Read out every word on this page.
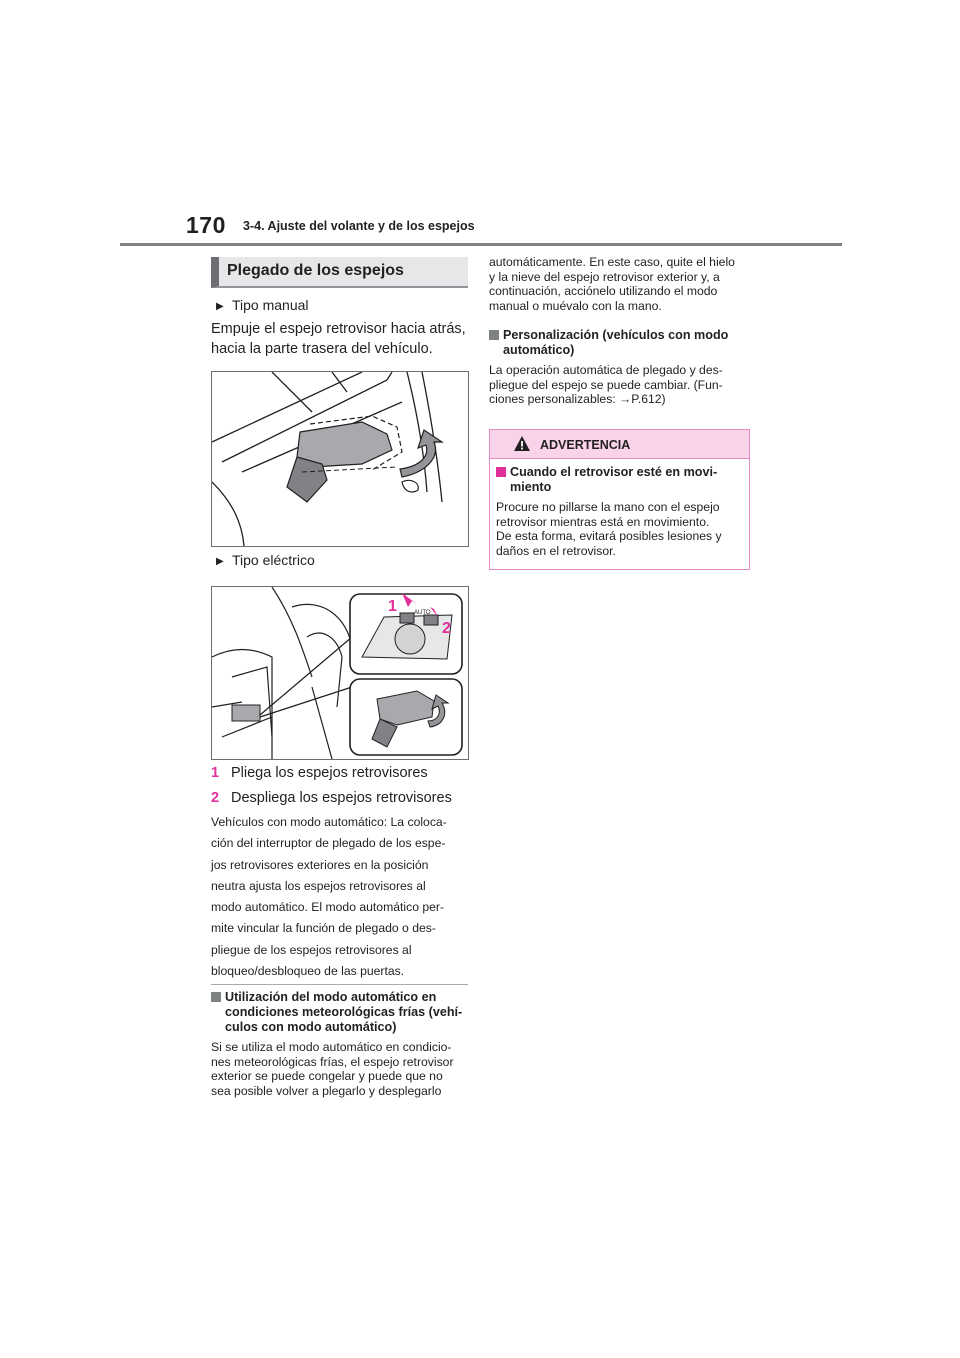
170 3-4. Ajuste del volante y de los espejos
Plegado de los espejos
▶ Tipo manual
Empuje el espejo retrovisor hacia atrás,
hacia la parte trasera del vehículo.
▶ Tipo eléctrico
AUTO
1
2
1 Pliega los espejos retrovisores
2 Despliega los espejos retrovisores
Vehículos con modo automático: La coloca-
ción del interruptor de plegado de los espe-
jos retrovisores exteriores en la posición
neutra ajusta los espejos retrovisores al
modo automático. El modo automático per-
mite vincular la función de plegado o des-
pliegue de los espejos retrovisores al
bloqueo/desbloqueo de las puertas.
Utilización del modo automático en
condiciones meteorológicas frías (vehí-
culos con modo automático)
Si se utiliza el modo automático en condicio-
nes meteorológicas frías, el espejo retrovisor
exterior se puede congelar y puede que no
sea posible volver a plegarlo y desplegarlo
automáticamente. En este caso, quite el hielo
y la nieve del espejo retrovisor exterior y, a
continuación, acciónelo utilizando el modo
manual o muévalo con la mano.
Personalización (vehículos con modo
automático)
La operación automática de plegado y des-
pliegue del espejo se puede cambiar. (Fun-
ciones personalizables: →P.612)
ADVERTENCIA
Cuando el retrovisor esté en movi-
miento
Procure no pillarse la mano con el espejo
retrovisor mientras está en movimiento.
De esta forma, evitará posibles lesiones y
daños en el retrovisor.
